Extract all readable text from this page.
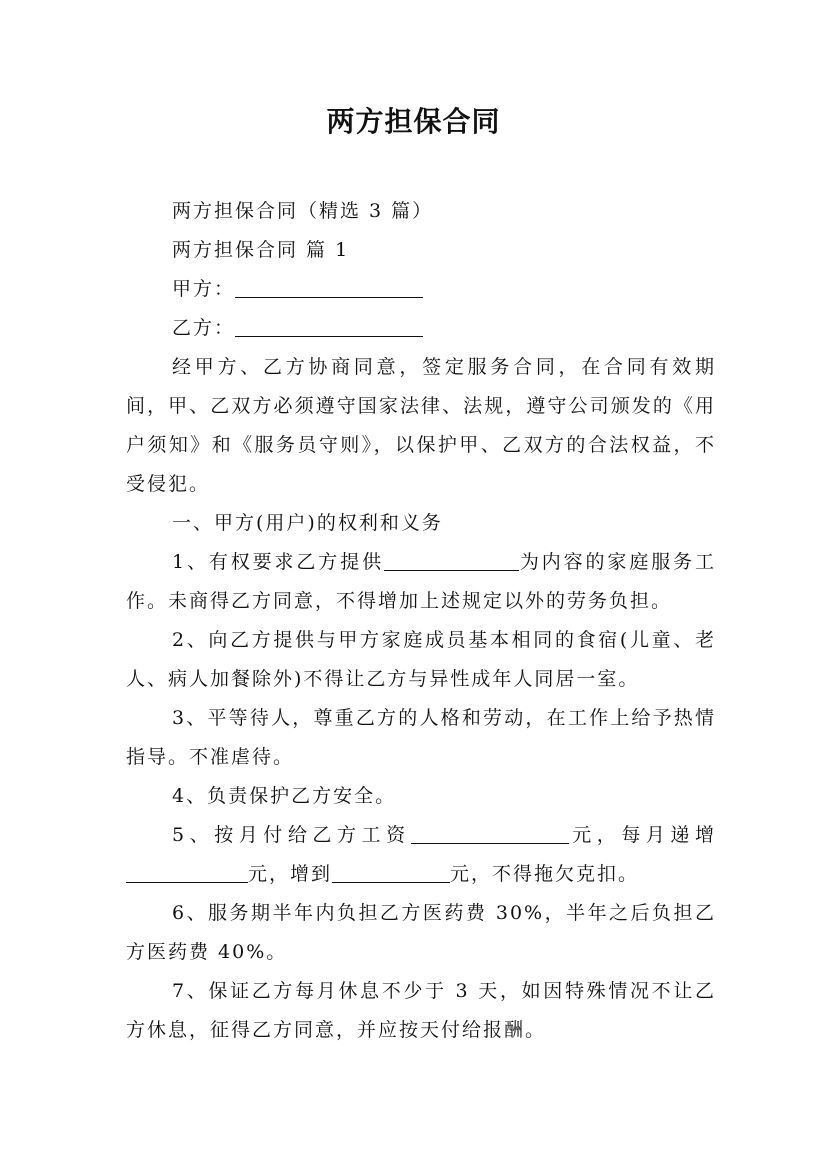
两方担保合同

两方担保合同（精选 3 篇）

两方担保合同 篇 1

甲方：

乙方：

经甲方、乙方协商同意，签定服务合同，在合同有效期间，甲、乙双方必须遵守国家法律、法规，遵守公司颁发的《用户须知》和《服务员守则》，以保护甲、乙双方的合法权益，不受侵犯。

一、甲方(用户)的权利和义务

1、有权要求乙方提供	为内容的家庭服务工作。未商得乙方同意，不得增加上述规定以外的劳务负担。

2、向乙方提供与甲方家庭成员基本相同的食宿(儿童、老人、病人加餐除外)不得让乙方与异性成年人同居一室。

3、平等待人，尊重乙方的人格和劳动，在工作上给予热情指导。不准虐待。

4、负责保护乙方安全。

5、按月付给乙方工资	元，每月递增元，增到	元，不得拖欠克扣。

6、服务期半年内负担乙方医药费 30%，半年之后负担乙方医药费 40%。

7、保证乙方每月休息不少于 3 天，如因特殊情况不让乙方休息，征得乙方同意，并应按天付给报酬。
